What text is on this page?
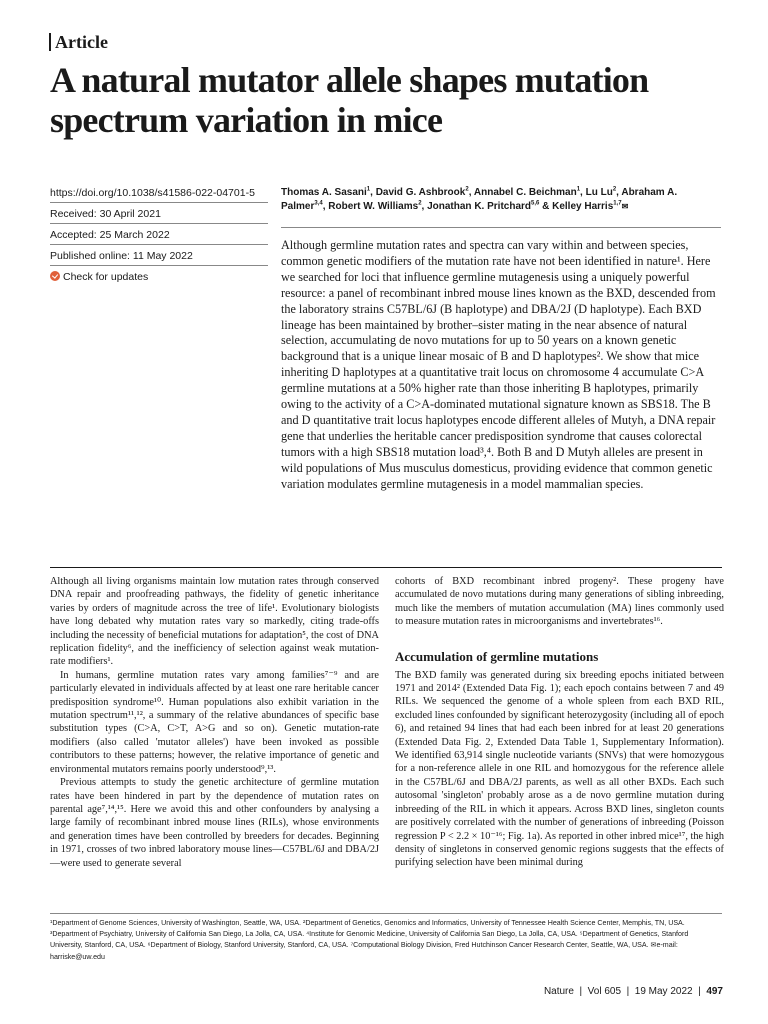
Article
A natural mutator allele shapes mutation spectrum variation in mice
https://doi.org/10.1038/s41586-022-04701-5
Received: 30 April 2021
Accepted: 25 March 2022
Published online: 11 May 2022
Check for updates
Thomas A. Sasani$^1$, David G. Ashbrook$^2$, Annabel C. Beichman$^1$, Lu Lu$^2$, Abraham A. Palmer$^{3,4}$, Robert W. Williams$^2$, Jonathan K. Pritchard$^{5,6}$ & Kelley Harris$^{1,7}$✉
Although germline mutation rates and spectra can vary within and between species, common genetic modifiers of the mutation rate have not been identified in nature¹. Here we searched for loci that influence germline mutagenesis using a uniquely powerful resource: a panel of recombinant inbred mouse lines known as the BXD, descended from the laboratory strains C57BL/6J (B haplotype) and DBA/2J (D haplotype). Each BXD lineage has been maintained by brother–sister mating in the near absence of natural selection, accumulating de novo mutations for up to 50 years on a known genetic background that is a unique linear mosaic of B and D haplotypes². We show that mice inheriting D haplotypes at a quantitative trait locus on chromosome 4 accumulate C>A germline mutations at a 50% higher rate than those inheriting B haplotypes, primarily owing to the activity of a C>A-dominated mutational signature known as SBS18. The B and D quantitative trait locus haplotypes encode different alleles of Mutyh, a DNA repair gene that underlies the heritable cancer predisposition syndrome that causes colorectal tumors with a high SBS18 mutation load³,⁴. Both B and D Mutyh alleles are present in wild populations of Mus musculus domesticus, providing evidence that common genetic variation modulates germline mutagenesis in a model mammalian species.

Although all living organisms maintain low mutation rates through conserved DNA repair and proofreading pathways, the fidelity of genetic inheritance varies by orders of magnitude across the tree of life¹. Evolutionary biologists have long debated why mutation rates vary so markedly, citing trade-offs including the necessity of beneficial mutations for adaptation⁵, the cost of DNA replication fidelity⁶, and the inefficiency of selection against weak mutation-rate modifiers¹.

In humans, germline mutation rates vary among families⁷⁻⁹ and are particularly elevated in individuals affected by at least one rare heritable cancer predisposition syndrome¹⁰. Human populations also exhibit variation in the mutation spectrum¹¹,¹², a summary of the relative abundances of specific base substitution types (C>A, C>T, A>G and so on). Genetic mutation-rate modifiers (also called 'mutator alleles') have been invoked as possible contributors to these patterns; however, the relative importance of genetic and environmental mutators remains poorly understood⁹,¹³.

Previous attempts to study the genetic architecture of germline mutation rates have been hindered in part by the dependence of mutation rates on parental age⁷,¹⁴,¹⁵. Here we avoid this and other confounders by analysing a large family of recombinant inbred mouse lines (RILs), whose environments and generation times have been controlled by breeders for decades. Beginning in 1971, crosses of two inbred laboratory mouse lines—C57BL/6J and DBA/2J—were used to generate several

cohorts of BXD recombinant inbred progeny². These progeny have accumulated de novo mutations during many generations of sibling inbreeding, much like the members of mutation accumulation (MA) lines commonly used to measure mutation rates in microorganisms and invertebrates¹⁶.

Accumulation of germline mutations

The BXD family was generated during six breeding epochs initiated between 1971 and 2014² (Extended Data Fig. 1); each epoch contains between 7 and 49 RILs. We sequenced the genome of a whole spleen from each BXD RIL, excluded lines confounded by significant heterozygosity (including all of epoch 6), and retained 94 lines that had each been inbred for at least 20 generations (Extended Data Fig. 2, Extended Data Table 1, Supplementary Information). We identified 63,914 single nucleotide variants (SNVs) that were homozygous for a non-reference allele in one RIL and homozygous for the reference allele in the C57BL/6J and DBA/2J parents, as well as all other BXDs. Each such autosomal 'singleton' probably arose as a de novo germline mutation during inbreeding of the RIL in which it appears. Across BXD lines, singleton counts are positively correlated with the number of generations of inbreeding (Poisson regression P < 2.2 × 10⁻¹⁶; Fig. 1a). As reported in other inbred mice¹⁷, the high density of singletons in conserved genomic regions suggests that the effects of purifying selection have been minimal during

¹Department of Genome Sciences, University of Washington, Seattle, WA, USA. ²Department of Genetics, Genomics and Informatics, University of Tennessee Health Science Center, Memphis, TN, USA. ³Department of Psychiatry, University of California San Diego, La Jolla, CA, USA. ⁴Institute for Genomic Medicine, University of California San Diego, La Jolla, CA, USA. ⁵Department of Genetics, Stanford University, Stanford, CA, USA. ⁶Department of Biology, Stanford University, Stanford, CA, USA. ⁷Computational Biology Division, Fred Hutchinson Cancer Research Center, Seattle, WA, USA. ✉e-mail: harriske@uw.edu
Nature  |  Vol 605  |  19 May 2022  |  497
